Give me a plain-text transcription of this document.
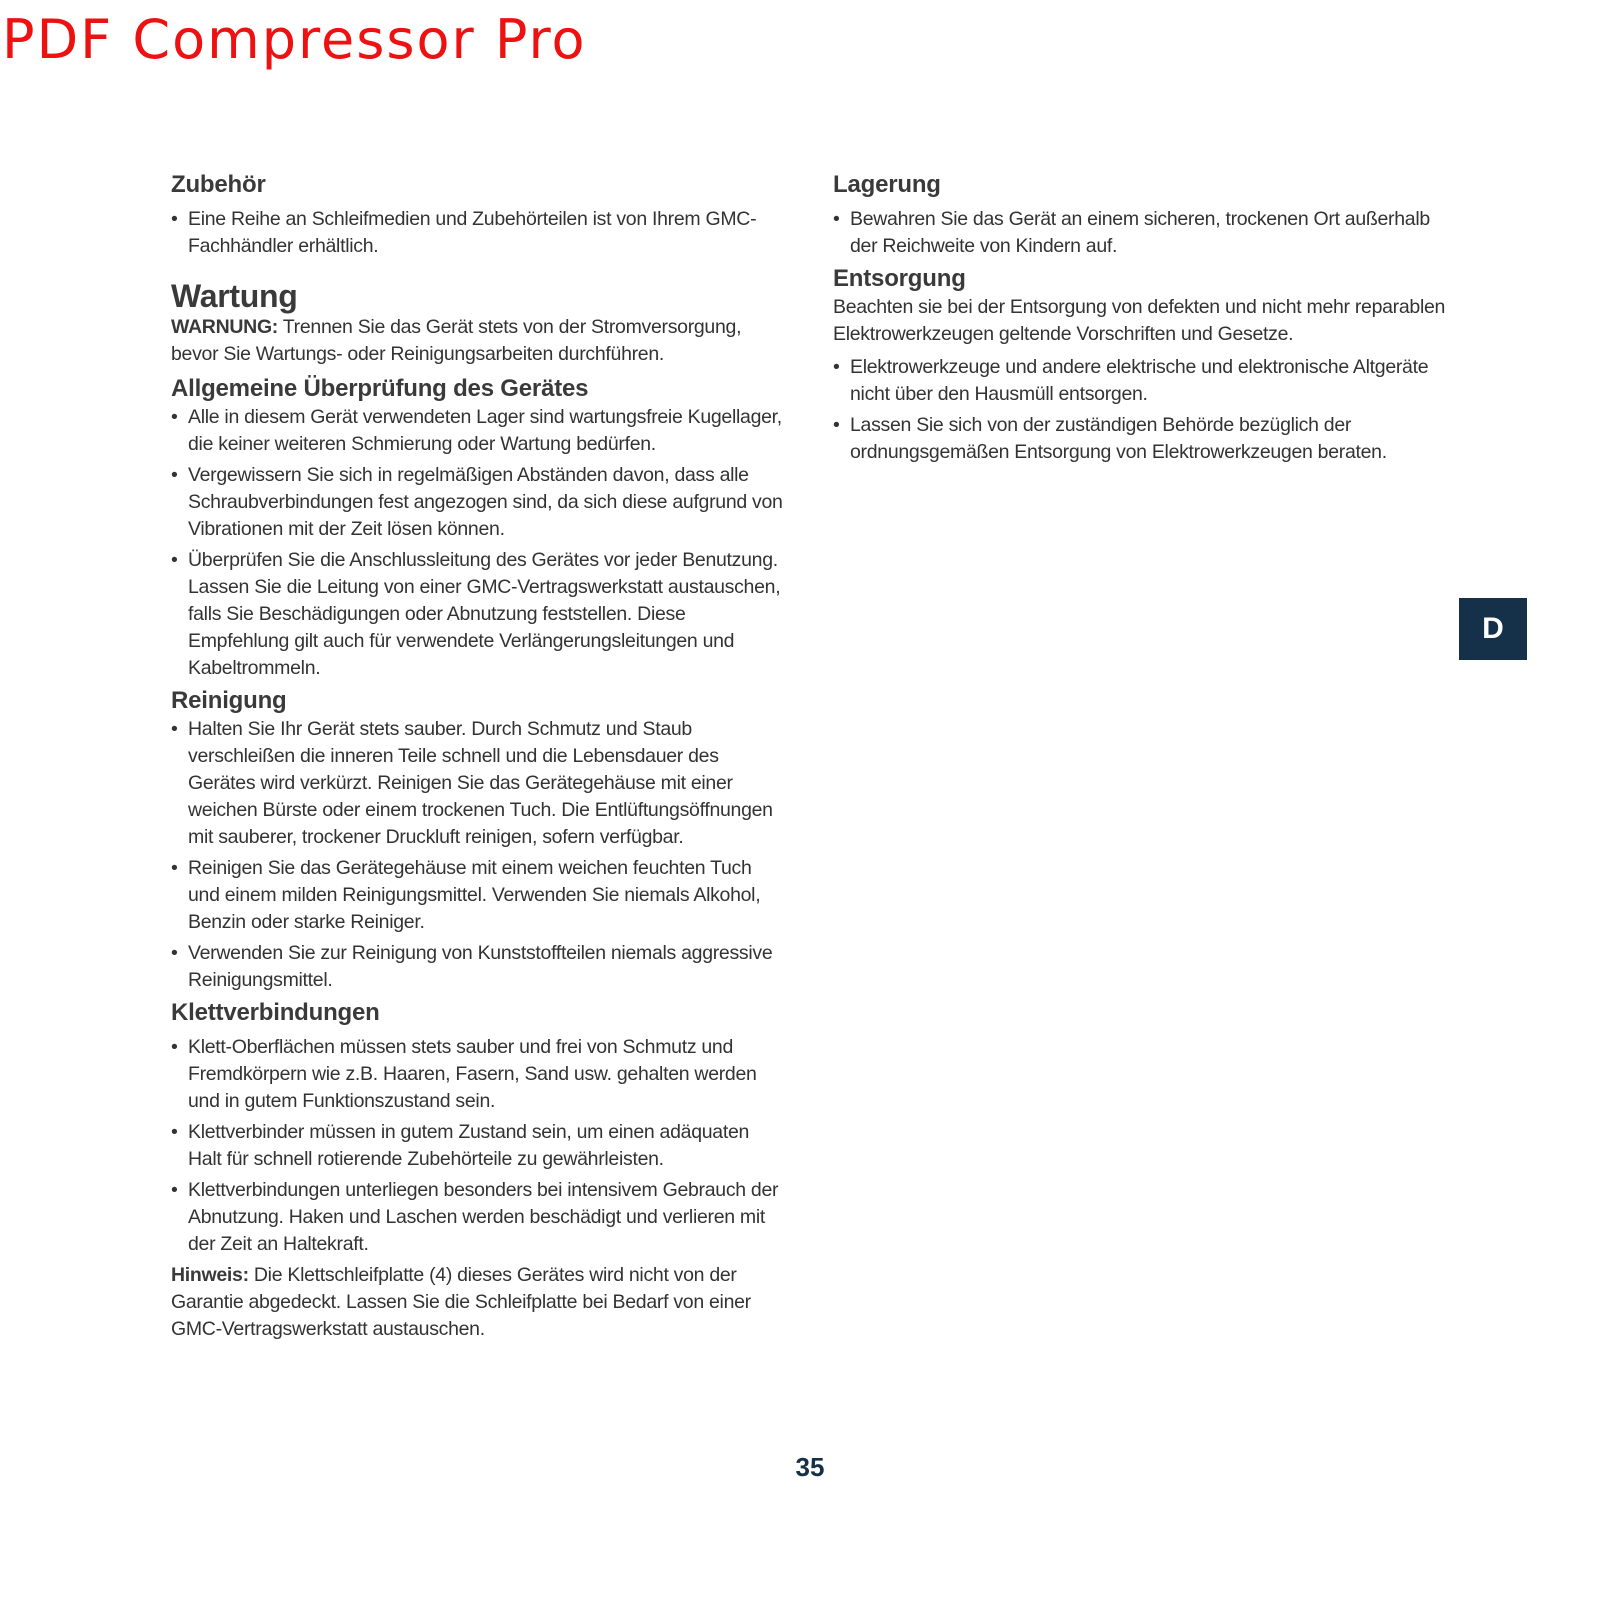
PDF Compressor Pro
Zubehör
• Eine Reihe an Schleifmedien und Zubehörteilen ist von Ihrem GMC-Fachhändler erhältlich.
Wartung

WARNUNG: Trennen Sie das Gerät stets von der Stromversorgung, bevor Sie Wartungs- oder Reinigungsarbeiten durchführen.

Allgemeine Überprüfung des Gerätes
• Alle in diesem Gerät verwendeten Lager sind wartungsfreie Kugellager, die keiner weiteren Schmierung oder Wartung bedürfen.
• Vergewissern Sie sich in regelmäßigen Abständen davon, dass alle Schraubverbindungen fest angezogen sind, da sich diese aufgrund von Vibrationen mit der Zeit lösen können.
• Überprüfen Sie die Anschlussleitung des Gerätes vor jeder Benutzung. Lassen Sie die Leitung von einer GMC-Vertragswerkstatt austauschen, falls Sie Beschädigungen oder Abnutzung feststellen. Diese Empfehlung gilt auch für verwendete Verlängerungsleitungen und Kabeltrommeln.
Reinigung
• Halten Sie Ihr Gerät stets sauber. Durch Schmutz und Staub verschleißen die inneren Teile schnell und die Lebensdauer des Gerätes wird verkürzt. Reinigen Sie das Gerätegehäuse mit einer weichen Bürste oder einem trockenen Tuch. Die Entlüftungsöffnungen mit sauberer, trockener Druckluft reinigen, sofern verfügbar.
• Reinigen Sie das Gerätegehäuse mit einem weichen feuchten Tuch und einem milden Reinigungsmittel. Verwenden Sie niemals Alkohol, Benzin oder starke Reiniger.
• Verwenden Sie zur Reinigung von Kunststoffteilen niemals aggressive Reinigungsmittel.
Klettverbindungen
• Klett-Oberflächen müssen stets sauber und frei von Schmutz und Fremdkörpern wie z.B. Haaren, Fasern, Sand usw. gehalten werden und in gutem Funktionszustand sein.
• Klettverbinder müssen in gutem Zustand sein, um einen adäquaten Halt für schnell rotierende Zubehörteile zu gewährleisten.
• Klettverbindungen unterliegen besonders bei intensivem Gebrauch der Abnutzung. Haken und Laschen werden beschädigt und verlieren mit der Zeit an Haltekraft.

Hinweis: Die Klettschleifplatte (4) dieses Gerätes wird nicht von der Garantie abgedeckt. Lassen Sie die Schleifplatte bei Bedarf von einer GMC-Vertragswerkstatt austauschen.

Lagerung
• Bewahren Sie das Gerät an einem sicheren, trockenen Ort außerhalb der Reichweite von Kindern auf.
Entsorgung

Beachten sie bei der Entsorgung von defekten und nicht mehr reparablen Elektrowerkzeugen geltende Vorschriften und Gesetze.

• Elektrowerkzeuge und andere elektrische und elektronische Altgeräte nicht über den Hausmüll entsorgen.
• Lassen Sie sich von der zuständigen Behörde bezüglich der ordnungsgemäßen Entsorgung von Elektrowerkzeugen beraten.
D
35
